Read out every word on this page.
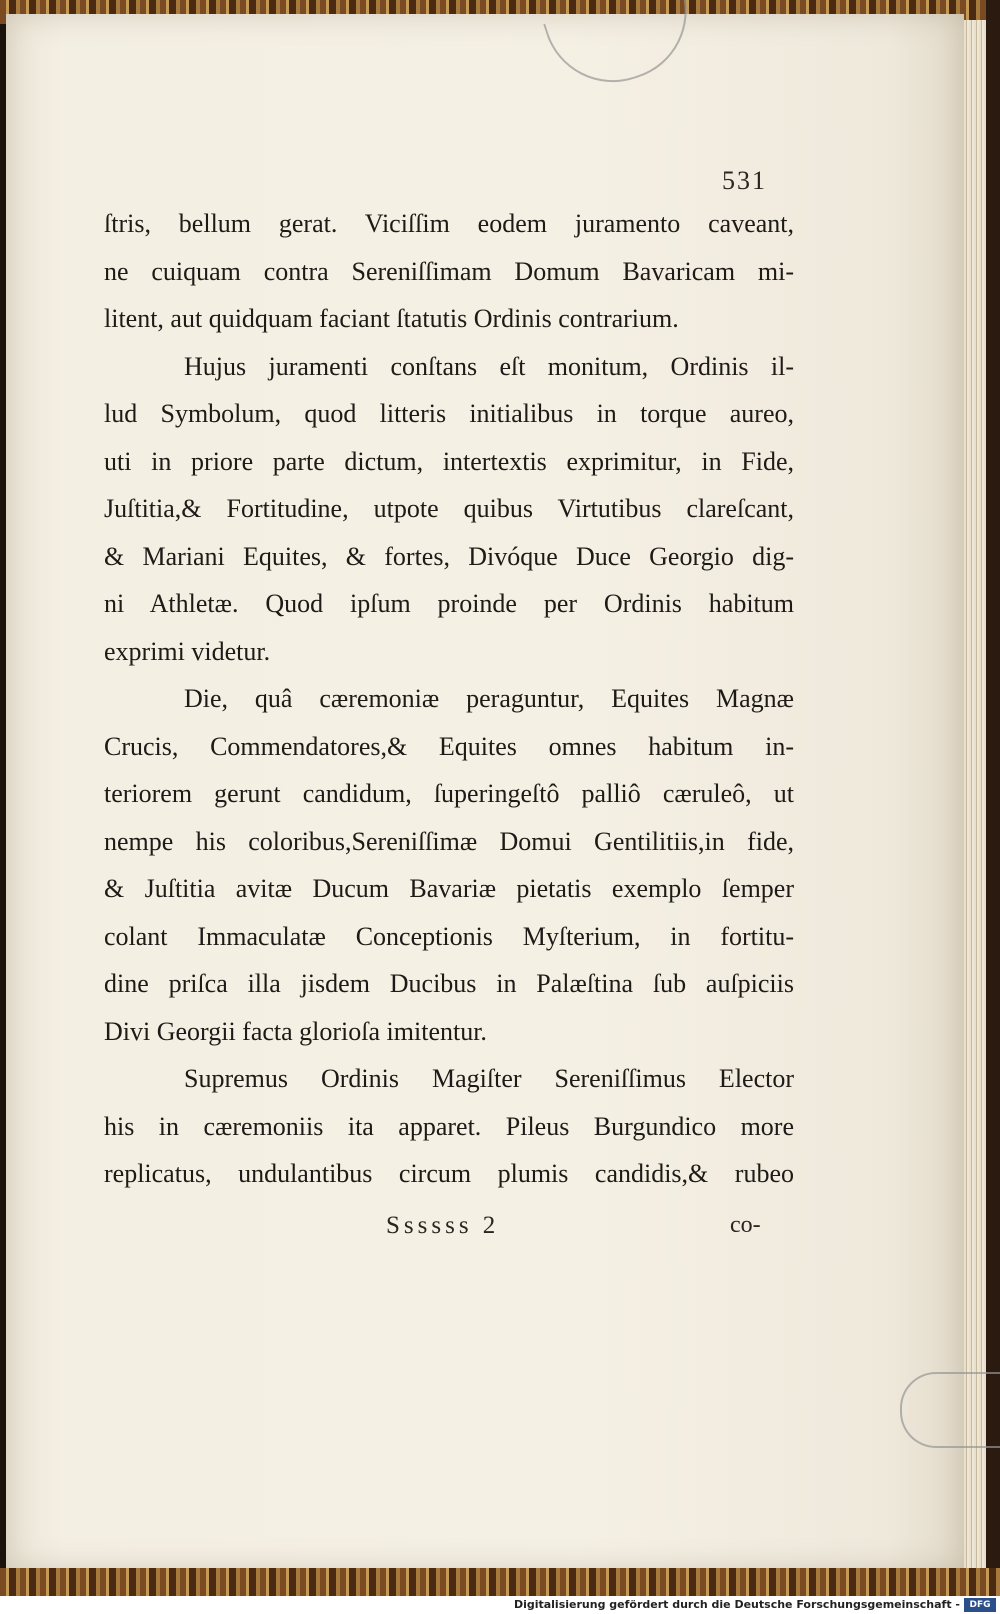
531
ſtris, bellum gerat. Viciſſim eodem juramento caveant,
ne cuiquam contra Sereniſſimam Domum Bavaricam mi-
litent, aut quidquam faciant ſtatutis Ordinis contrarium.
Hujus juramenti conſtans eſt monitum, Ordinis il-
lud Symbolum, quod litteris initialibus in torque aureo,
uti in priore parte dictum, intertextis exprimitur, in Fide,
Juſtitia,& Fortitudine, utpote quibus Virtutibus clareſcant,
& Mariani Equites, & fortes, Divóque Duce Georgio dig-
ni Athletæ. Quod ipſum proinde per Ordinis habitum
exprimi videtur.
Die, quâ cæremoniæ peraguntur, Equites Magnæ
Crucis, Commendatores,& Equites omnes habitum in-
teriorem gerunt candidum, ſuperingeſtô palliô cæruleô, ut
nempe his coloribus,Sereniſſimæ Domui Gentilitiis,in fide,
& Juſtitia avitæ Ducum Bavariæ pietatis exemplo ſemper
colant Immaculatæ Conceptionis Myſterium, in fortitu-
dine priſca illa jisdem Ducibus in Palæſtina ſub auſpiciis
Divi Georgii facta glorioſa imitentur.
Supremus Ordinis Magiſter Sereniſſimus Elector
his in cæremoniis ita apparet. Pileus Burgundico more
replicatus, undulantibus circum plumis candidis,& rubeo
Ssssss 2	co-
Digitalisierung gefördert durch die Deutsche Forschungsgemeinschaft -	DFG
